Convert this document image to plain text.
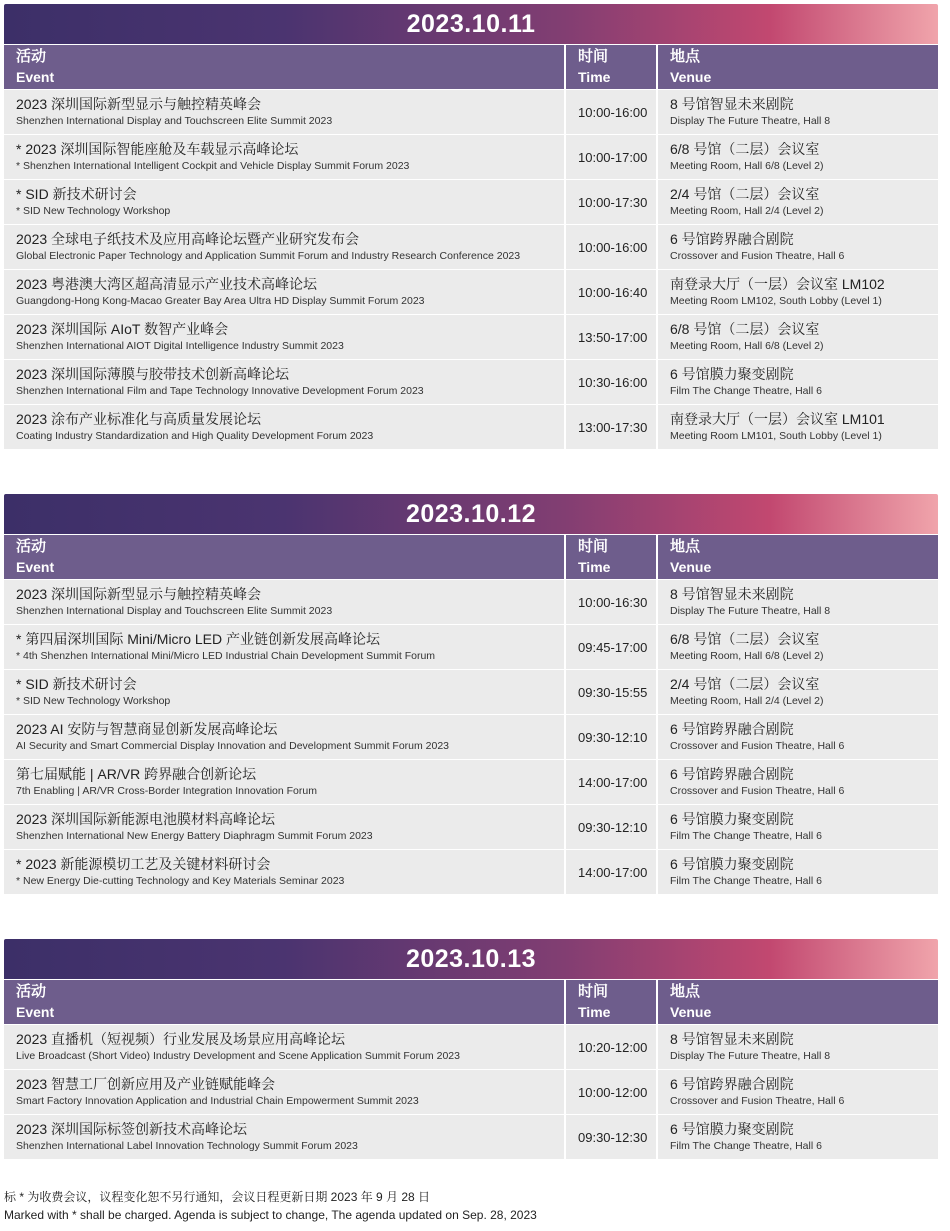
2023.10.11
活动
Event
时间
Time
地点
Venue
2023 深圳国际新型显示与触控精英峰会
Shenzhen International Display and Touchscreen Elite Summit 2023
10:00-16:00	8 号馆智显未来剧院
Display The Future Theatre, Hall 8
* 2023 深圳国际智能座舱及车载显示高峰论坛
* Shenzhen International Intelligent Cockpit and Vehicle Display Summit Forum 2023
10:00-17:00	6/8 号馆（二层）会议室
Meeting Room, Hall 6/8 (Level 2)
* SID 新技术研讨会
* SID New Technology Workshop
10:00-17:30	2/4 号馆（二层）会议室
Meeting Room, Hall 2/4 (Level 2)
2023 全球电子纸技术及应用高峰论坛暨产业研究发布会
Global Electronic Paper Technology and Application Summit Forum and Industry Research Conference 2023
10:00-16:00	6 号馆跨界融合剧院
Crossover and Fusion Theatre, Hall 6
2023 粤港澳大湾区超高清显示产业技术高峰论坛
Guangdong-Hong Kong-Macao Greater Bay Area Ultra HD Display Summit Forum 2023
10:00-16:40	南登录大厅（一层）会议室 LM102
Meeting Room LM102, South Lobby (Level 1)
2023 深圳国际 AIoT 数智产业峰会
Shenzhen International AIOT Digital Intelligence Industry Summit 2023
13:50-17:00	6/8 号馆（二层）会议室
Meeting Room, Hall 6/8 (Level 2)
2023 深圳国际薄膜与胶带技术创新高峰论坛
Shenzhen International Film and Tape Technology Innovative Development Forum 2023
10:30-16:00	6 号馆膜力聚变剧院
Film The Change Theatre, Hall 6
2023 涂布产业标准化与高质量发展论坛
Coating Industry Standardization and High Quality Development Forum 2023
13:00-17:30	南登录大厅（一层）会议室 LM101
Meeting Room LM101, South Lobby (Level 1)
2023.10.12
活动
Event
时间
Time
地点
Venue
2023 深圳国际新型显示与触控精英峰会
Shenzhen International Display and Touchscreen Elite Summit 2023
10:00-16:30	8 号馆智显未来剧院
Display The Future Theatre, Hall 8
* 第四届深圳国际 Mini/Micro LED 产业链创新发展高峰论坛
* 4th Shenzhen International Mini/Micro LED Industrial Chain Development Summit Forum
09:45-17:00	6/8 号馆（二层）会议室
Meeting Room, Hall 6/8 (Level 2)
* SID 新技术研讨会
* SID New Technology Workshop
09:30-15:55	2/4 号馆（二层）会议室
Meeting Room, Hall 2/4 (Level 2)
2023 AI 安防与智慧商显创新发展高峰论坛
AI Security and Smart Commercial Display Innovation and Development Summit Forum 2023
09:30-12:10	6 号馆跨界融合剧院
Crossover and Fusion Theatre, Hall 6
第七届赋能 | AR/VR 跨界融合创新论坛
7th Enabling | AR/VR Cross-Border Integration Innovation Forum
14:00-17:00	6 号馆跨界融合剧院
Crossover and Fusion Theatre, Hall 6
2023 深圳国际新能源电池膜材料高峰论坛
Shenzhen International New Energy Battery Diaphragm Summit Forum 2023
09:30-12:10	6 号馆膜力聚变剧院
Film The Change Theatre, Hall 6
* 2023 新能源模切工艺及关键材料研讨会
* New Energy Die-cutting Technology and Key Materials Seminar 2023
14:00-17:00	6 号馆膜力聚变剧院
Film The Change Theatre, Hall 6
2023.10.13
活动
Event
时间
Time
地点
Venue
2023 直播机（短视频）行业发展及场景应用高峰论坛
Live Broadcast (Short Video) Industry Development and Scene Application Summit Forum 2023
10:20-12:00	8 号馆智显未来剧院
Display The Future Theatre, Hall 8
2023 智慧工厂创新应用及产业链赋能峰会
Smart Factory Innovation Application and Industrial Chain Empowerment Summit 2023
10:00-12:00	6 号馆跨界融合剧院
Crossover and Fusion Theatre, Hall 6
2023 深圳国际标签创新技术高峰论坛
Shenzhen International Label Innovation Technology Summit Forum 2023
09:30-12:30	6 号馆膜力聚变剧院
Film The Change Theatre, Hall 6
标 * 为收费会议，议程变化恕不另行通知，会议日程更新日期 2023 年 9 月 28 日
Marked with * shall be charged. Agenda is subject to change, The agenda updated on Sep. 28, 2023
